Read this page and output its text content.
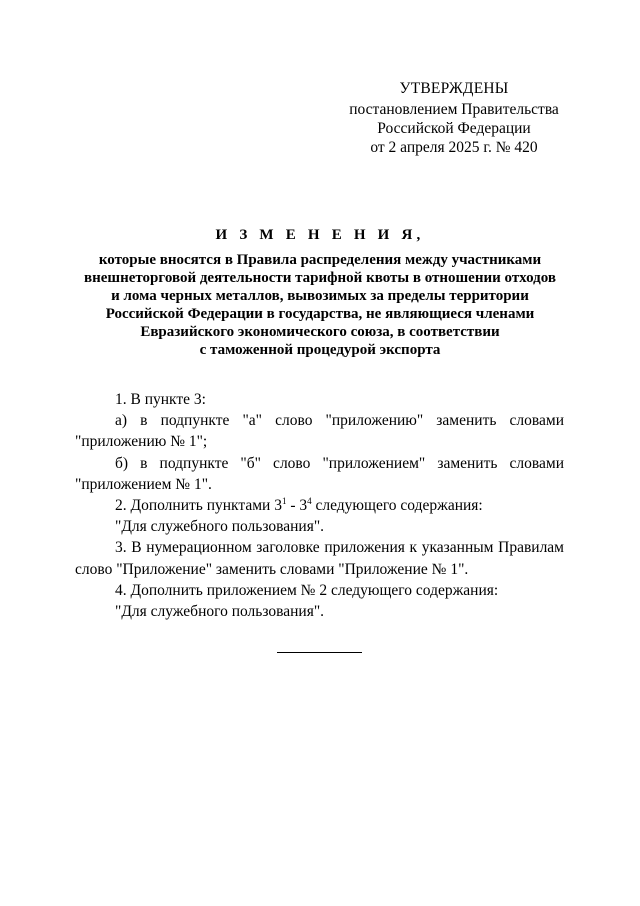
УТВЕРЖДЕНЫ
постановлением Правительства
Российской Федерации
от 2 апреля 2025 г. № 420
И З М Е Н Е Н И Я,
которые вносятся в Правила распределения между участниками
внешнеторговой деятельности тарифной квоты в отношении отходов
и лома черных металлов, вывозимых за пределы территории
Российской Федерации в государства, не являющиеся членами
Евразийского экономического союза, в соответствии
с таможенной процедурой экспорта

1. В пункте 3:

а) в подпункте "а" слово "приложению" заменить словами

"приложению № 1";

б) в подпункте "б" слово "приложением" заменить словами

"приложением № 1".

2. Дополнить пунктами $3^1 - 3^4$ следующего содержания:

"Для служебного пользования".

3. В нумерационном заголовке приложения к указанным Правилам

слово "Приложение" заменить словами "Приложение № 1".

4. Дополнить приложением № 2 следующего содержания:

"Для служебного пользования".
